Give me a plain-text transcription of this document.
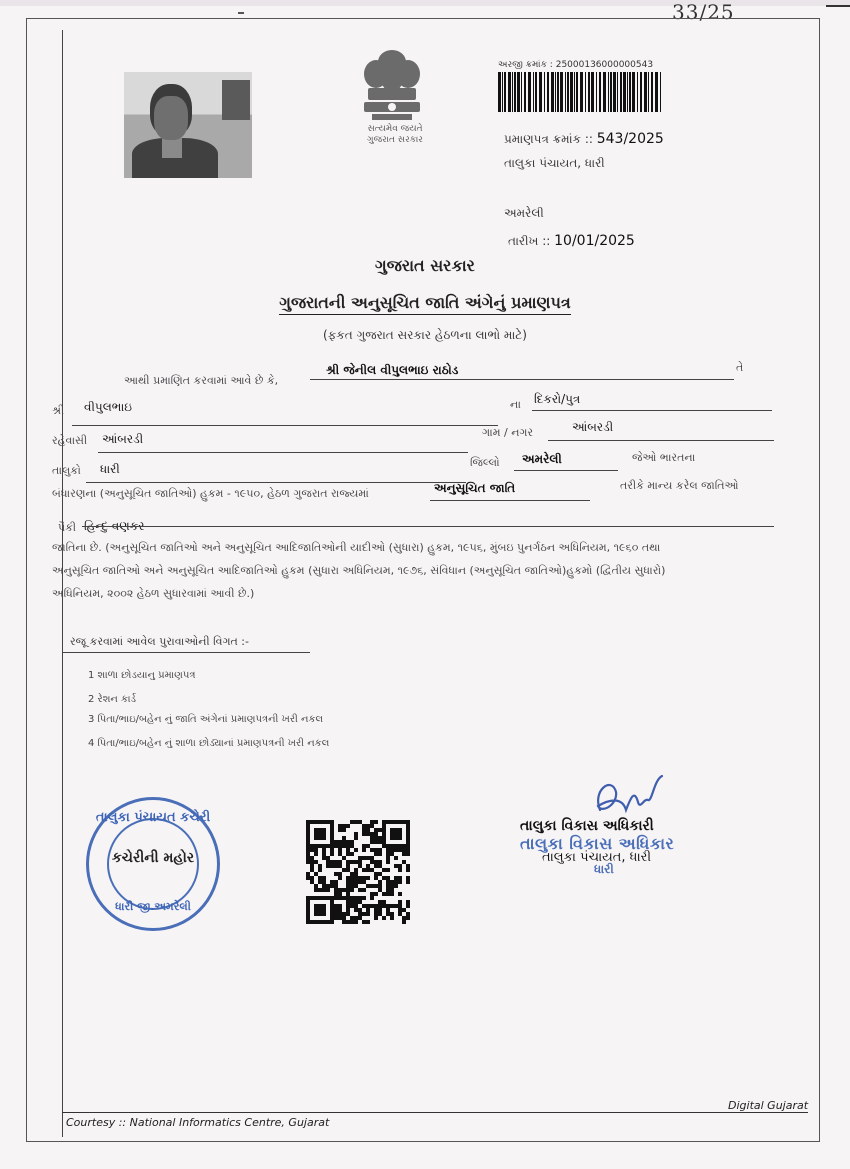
33/25
સત્યમેવ જયતે
ગુજરાત સરકાર
અરજી ક્રમાંક : 25000136000000543
પ્રમાણપત્ર ક્રમાંક :: 543/2025
તાલુકા પંચાયત, ધારી
અમરેલી
તારીખ :: 10/01/2025
ગુજરાત સરકાર
ગુજરાતની અનુસૂચિત જાતિ અંગેનું પ્રમાણપત્ર
(ફકત ગુજરાત સરકાર હેઠળના લાભો માટે)
આથી પ્રમાણિત કરવામાં આવે છે કે,
શ્રી જેનીલ વીપુલભાઇ રાઠોડ	તે
શ્રી વીપુલભાઇ	ના દિકરો/પુત્ર
રહેવાસી આંબરડી	ગામ / નગર	આંબરડી
તાલુકો ધારી	જિલ્લો અમરેલી	જેઓ ભારતના
બંધારણના (અનુસૂચિત જાતિઓ) હુકમ - ૧૯૫૦, હેઠળ ગુજરાત રાજ્યમાં	અનુસૂચિત જાતિ	તરીકે માન્ય કરેલ જાતિઓ
પૈકી હિન્દુ વણકર
જાતિના છે. (અનુસૂચિત જાતિઓ અને અનુસૂચિત આદિજાતિઓની યાદીઓ (સુધારા) હુકમ, ૧૯૫૬, મુંબઇ પુનર્ગઠન અધિનિયમ, ૧૯૬૦ તથા
અનુસૂચિત જાતિઓ અને અનુસૂચિત આદિજાતિઓ હુકમ (સુધારા અધિનિયમ, ૧૯૭૬, સંવિધાન (અનુસૂચિત જાતિઓ)હુકમો (દ્વિતીય સુધારો)
અધિનિયમ, ૨૦૦૨ હેઠળ સુધારવામાં આવી છે.)
રજૂ કરવામાં આવેલ પુરાવાઓની વિગત :-
1 શાળા છોડયાનુ પ્રમાણપત્ર
2 રેશન કાર્ડ
3 પિતા/ભાઇ/બહેન નું જાતિ અંગેનાં પ્રમાણપત્રની ખરી નકલ
4 પિતા/ભાઇ/બહેન નું શાળા છોડ્યાનાં પ્રમાણપત્રની ખરી નકલ
તાલુકા પંચાયત કચેરી
કચેરીની મહોર
ધારી જી.અમરેલી
તાલુકા વિકાસ અધિકારી
તાલુકા વિકાસ અધિકાર
તાલુકા પંચાયત, ધારી
ધારી
Courtesy :: National Informatics Centre, Gujarat
Digital Gujarat
